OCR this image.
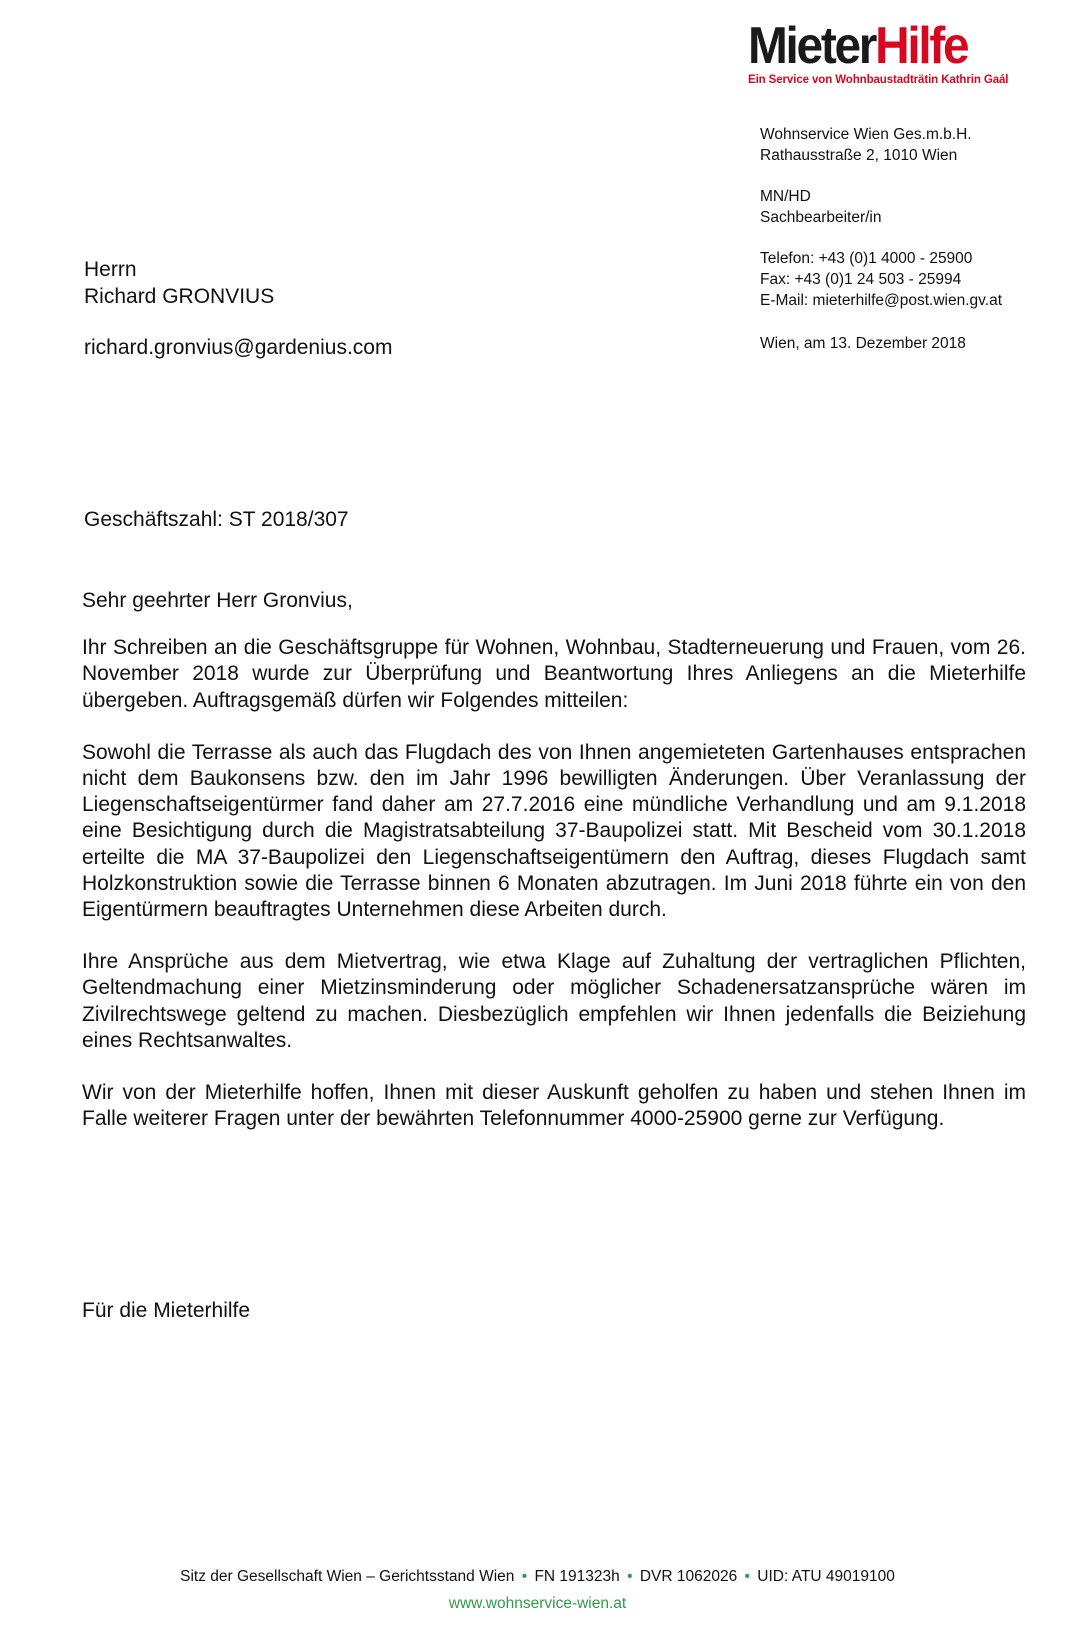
MieterHilfe
Ein Service von Wohnbaustadträtin Kathrin Gaál
Wohnservice Wien Ges.m.b.H.
Rathausstraße 2, 1010 Wien
MN/HD
Sachbearbeiter/in
Telefon: +43 (0)1 4000 - 25900
Fax: +43 (0)1 24 503 - 25994
E-Mail: mieterhilfe@post.wien.gv.at
Wien, am 13. Dezember 2018
Herrn
Richard GRONVIUS
richard.gronvius@gardenius.com
Geschäftszahl: ST 2018/307

Sehr geehrter Herr Gronvius,

Ihr Schreiben an die Geschäftsgruppe für Wohnen, Wohnbau, Stadterneuerung und Frauen, vom 26. November 2018 wurde zur Überprüfung und Beantwortung Ihres Anliegens an die Mieterhilfe übergeben. Auftragsgemäß dürfen wir Folgendes mitteilen:

Sowohl die Terrasse als auch das Flugdach des von Ihnen angemieteten Gartenhauses entsprachen nicht dem Baukonsens bzw. den im Jahr 1996 bewilligten Änderungen. Über Veranlassung der Liegenschaftseigentürmer fand daher am 27.7.2016 eine mündliche Verhandlung und am 9.1.2018 eine Besichtigung durch die Magistratsabteilung 37-Baupolizei statt. Mit Bescheid vom 30.1.2018 erteilte die MA 37-Baupolizei den Liegenschaftseigentümern den Auftrag, dieses Flugdach samt Holzkonstruktion sowie die Terrasse binnen 6 Monaten abzutragen. Im Juni 2018 führte ein von den Eigentürmern beauftragtes Unternehmen diese Arbeiten durch.

Ihre Ansprüche aus dem Mietvertrag, wie etwa Klage auf Zuhaltung der vertraglichen Pflichten, Geltendmachung einer Mietzinsminderung oder möglicher Schadenersatzansprüche wären im Zivilrechtswege geltend zu machen. Diesbezüglich empfehlen wir Ihnen jedenfalls die Beiziehung eines Rechtsanwaltes.

Wir von der Mieterhilfe hoffen, Ihnen mit dieser Auskunft geholfen zu haben und stehen Ihnen im Falle weiterer Fragen unter der bewährten Telefonnummer 4000-25900 gerne zur Verfügung.

Für die Mieterhilfe
Sitz der Gesellschaft Wien – Gerichtsstand Wien • FN 191323h • DVR 1062026 • UID: ATU 49019100
www.wohnservice-wien.at
